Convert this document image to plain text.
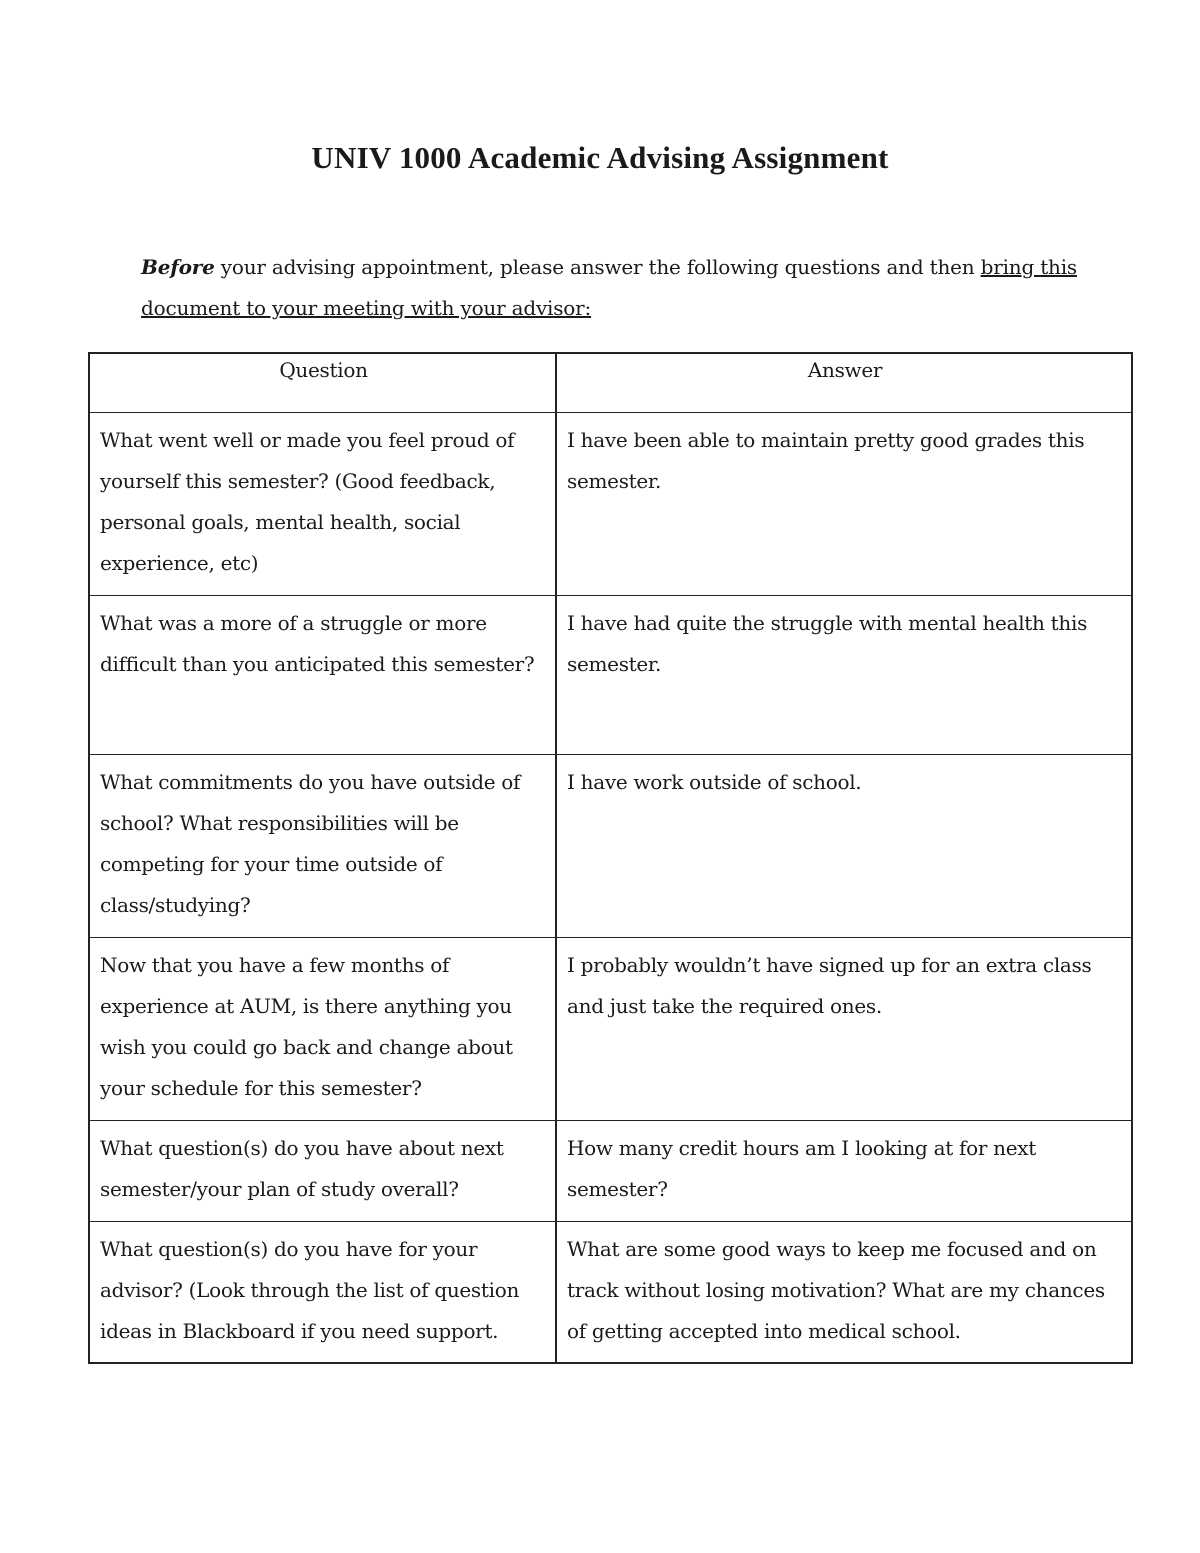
UNIV 1000 Academic Advising Assignment
Before your advising appointment, please answer the following questions and then bring this document to your meeting with your advisor:
Question	Answer
What went well or made you feel proud of yourself this semester? (Good feedback, personal goals, mental health, social experience, etc)	I have been able to maintain pretty good grades this semester.
What was a more of a struggle or more difficult than you anticipated this semester?	I have had quite the struggle with mental health this semester.
What commitments do you have outside of school? What responsibilities will be competing for your time outside of class/studying?	I have work outside of school.
Now that you have a few months of experience at AUM, is there anything you wish you could go back and change about your schedule for this semester?	I probably wouldn’t have signed up for an extra class and just take the required ones.
What question(s) do you have about next semester/your plan of study overall?	How many credit hours am I looking at for next semester?
What question(s) do you have for your advisor? (Look through the list of question ideas in Blackboard if you need support.	What are some good ways to keep me focused and on track without losing motivation? What are my chances of getting accepted into medical school.
